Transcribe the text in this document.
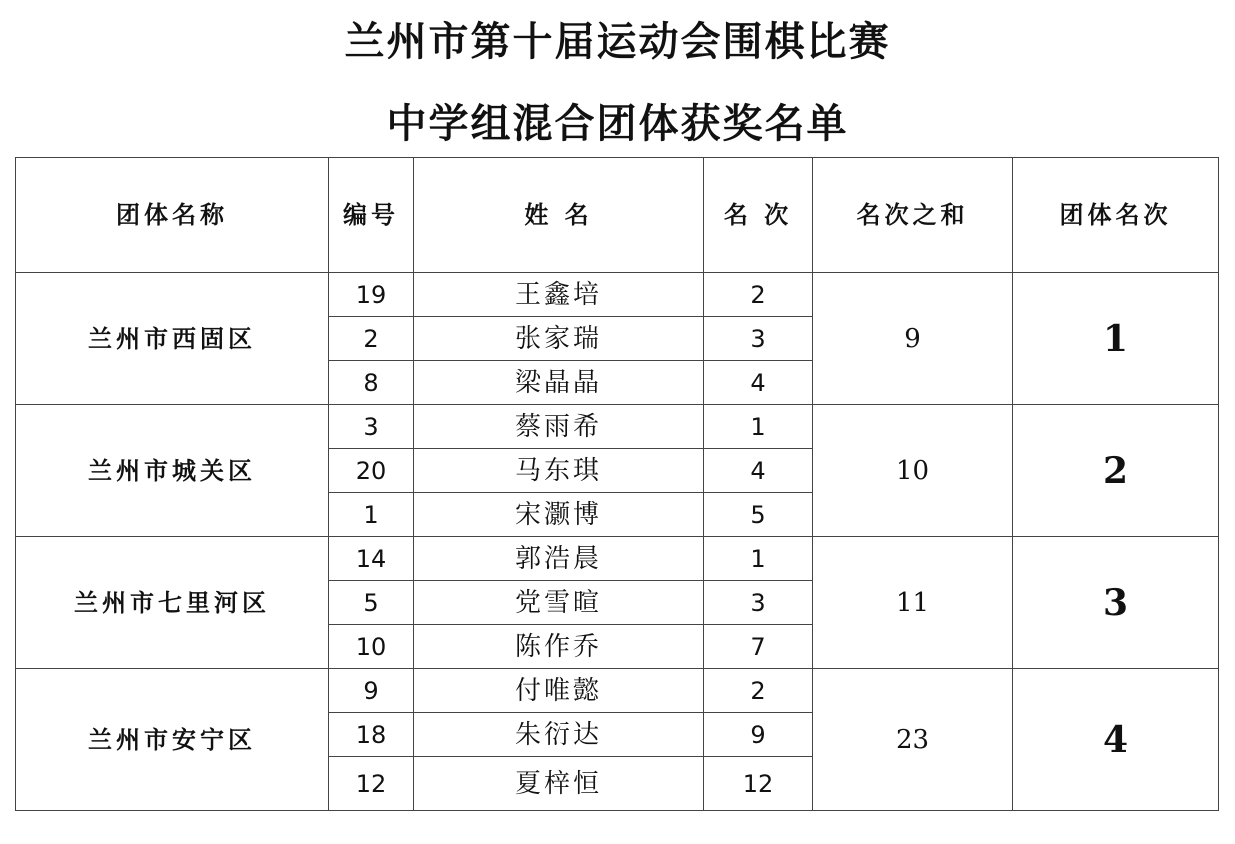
兰州市第十届运动会围棋比赛
中学组混合团体获奖名单
团体名称	编号	姓 名	名 次	名次之和	团体名次
兰州市西固区	19	王鑫培	2	9	1
	2	张家瑞	3		
	8	梁晶晶	4		
兰州市城关区	3	蔡雨希	1	10	2
	20	马东琪	4		
	1	宋灏博	5		
兰州市七里河区	14	郭浩晨	1	11	3
	5	党雪暄	3		
	10	陈作乔	7		
兰州市安宁区	9	付唯懿	2	23	4
	18	朱衍达	9		
	12	夏梓恒	12		
